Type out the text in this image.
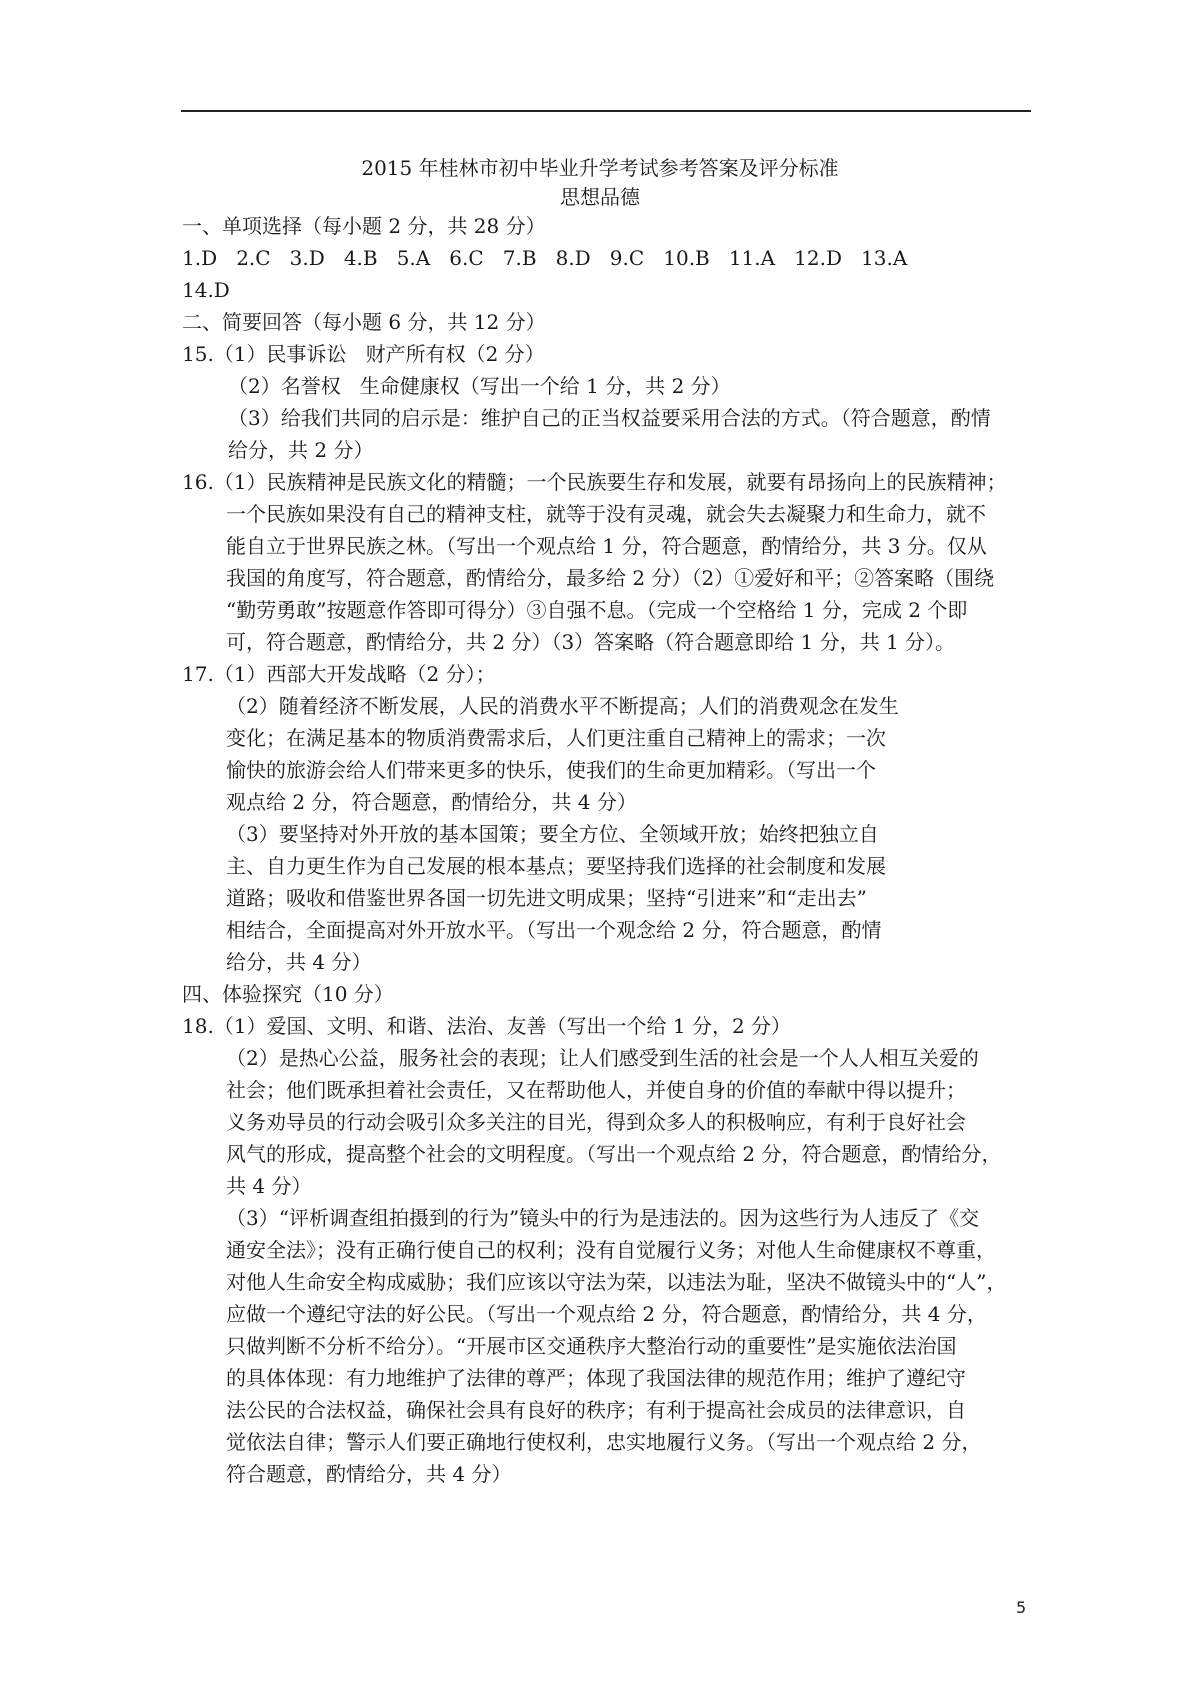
2015 年桂林市初中毕业升学考试参考答案及评分标准
思想品德
一、单项选择（每小题 2 分，共 28 分）
1.D   2.C   3.D   4.B   5.A   6.C   7.B   8.D   9.C   10.B   11.A   12.D   13.A
14.D
二、简要回答（每小题 6 分，共 12 分）
15.（1）民事诉讼   财产所有权（2 分）
（2）名誉权   生命健康权（写出一个给 1 分，共 2 分）
（3）给我们共同的启示是：维护自己的正当权益要采用合法的方式。（符合题意，酌情
给分，共 2 分）
16.（1）民族精神是民族文化的精髓；一个民族要生存和发展，就要有昂扬向上的民族精神；
一个民族如果没有自己的精神支柱，就等于没有灵魂，就会失去凝聚力和生命力，就不
能自立于世界民族之林。（写出一个观点给 1 分，符合题意，酌情给分，共 3 分。仅从
我国的角度写，符合题意，酌情给分，最多给 2 分）（2）①爱好和平；②答案略（围绕
“勤劳勇敢”按题意作答即可得分）③自强不息。（完成一个空格给 1 分，完成 2 个即
可，符合题意，酌情给分，共 2 分）（3）答案略（符合题意即给 1 分，共 1 分）。
17.（1）西部大开发战略（2 分）；
（2）随着经济不断发展，人民的消费水平不断提高；人们的消费观念在发生
变化；在满足基本的物质消费需求后，人们更注重自己精神上的需求；一次
愉快的旅游会给人们带来更多的快乐，使我们的生命更加精彩。（写出一个
观点给 2 分，符合题意，酌情给分，共 4 分）
（3）要坚持对外开放的基本国策；要全方位、全领域开放；始终把独立自
主、自力更生作为自己发展的根本基点；要坚持我们选择的社会制度和发展
道路；吸收和借鉴世界各国一切先进文明成果；坚持“引进来”和“走出去”
相结合，全面提高对外开放水平。（写出一个观念给 2 分，符合题意，酌情
给分，共 4 分）
四、体验探究（10 分）
18.（1）爱国、文明、和谐、法治、友善（写出一个给 1 分，2 分）
（2）是热心公益，服务社会的表现；让人们感受到生活的社会是一个人人相互关爱的
社会；他们既承担着社会责任，又在帮助他人，并使自身的价值的奉献中得以提升；
义务劝导员的行动会吸引众多关注的目光，得到众多人的积极响应，有利于良好社会
风气的形成，提高整个社会的文明程度。（写出一个观点给 2 分，符合题意，酌情给分，
共 4 分）
（3）“评析调查组拍摄到的行为”镜头中的行为是违法的。因为这些行为人违反了《交
通安全法》；没有正确行使自己的权利；没有自觉履行义务；对他人生命健康权不尊重，
对他人生命安全构成威胁；我们应该以守法为荣，以违法为耻，坚决不做镜头中的“人”，
应做一个遵纪守法的好公民。（写出一个观点给 2 分，符合题意，酌情给分，共 4 分，
只做判断不分析不给分）。“开展市区交通秩序大整治行动的重要性”是实施依法治国
的具体体现：有力地维护了法律的尊严；体现了我国法律的规范作用；维护了遵纪守
法公民的合法权益，确保社会具有良好的秩序；有利于提高社会成员的法律意识，自
觉依法自律；警示人们要正确地行使权利，忠实地履行义务。（写出一个观点给 2 分，
符合题意，酌情给分，共 4 分）
5
